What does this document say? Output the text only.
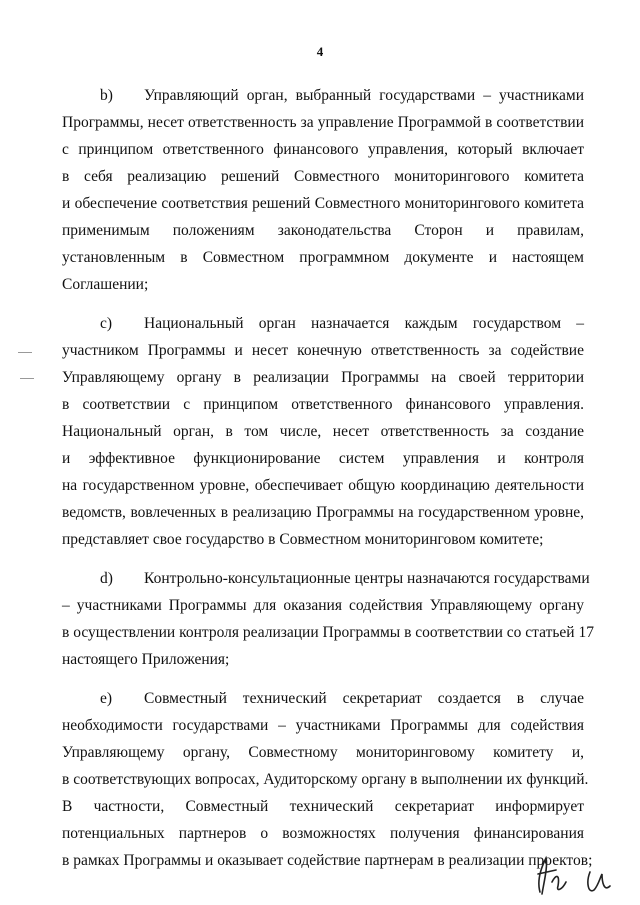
4
b) Управляющий орган, выбранный государствами – участниками
Программы, несет ответственность за управление Программой в соответствии
с принципом ответственного финансового управления, который включает
в себя реализацию решений Совместного мониторингового комитета
и обеспечение соответствия решений Совместного мониторингового комитета
применимым положениям законодательства Сторон и правилам,
установленным в Совместном программном документе и настоящем
Соглашении;
c) Национальный орган назначается каждым государством –
участником Программы и несет конечную ответственность за содействие
Управляющему органу в реализации Программы на своей территории
в соответствии с принципом ответственного финансового управления.
Национальный орган, в том числе, несет ответственность за создание
и эффективное функционирование систем управления и контроля
на государственном уровне, обеспечивает общую координацию деятельности
ведомств, вовлеченных в реализацию Программы на государственном уровне,
представляет свое государство в Совместном мониторинговом комитете;
d) Контрольно-консультационные центры назначаются государствами
– участниками Программы для оказания содействия Управляющему органу
в осуществлении контроля реализации Программы в соответствии со статьей 17
настоящего Приложения;
e) Совместный технический секретариат создается в случае
необходимости государствами – участниками Программы для содействия
Управляющему органу, Совместному мониторинговому комитету и,
в соответствующих вопросах, Аудиторскому органу в выполнении их функций.
В частности, Совместный технический секретариат информирует
потенциальных партнеров о возможностях получения финансирования
в рамках Программы и оказывает содействие партнерам в реализации проектов;
